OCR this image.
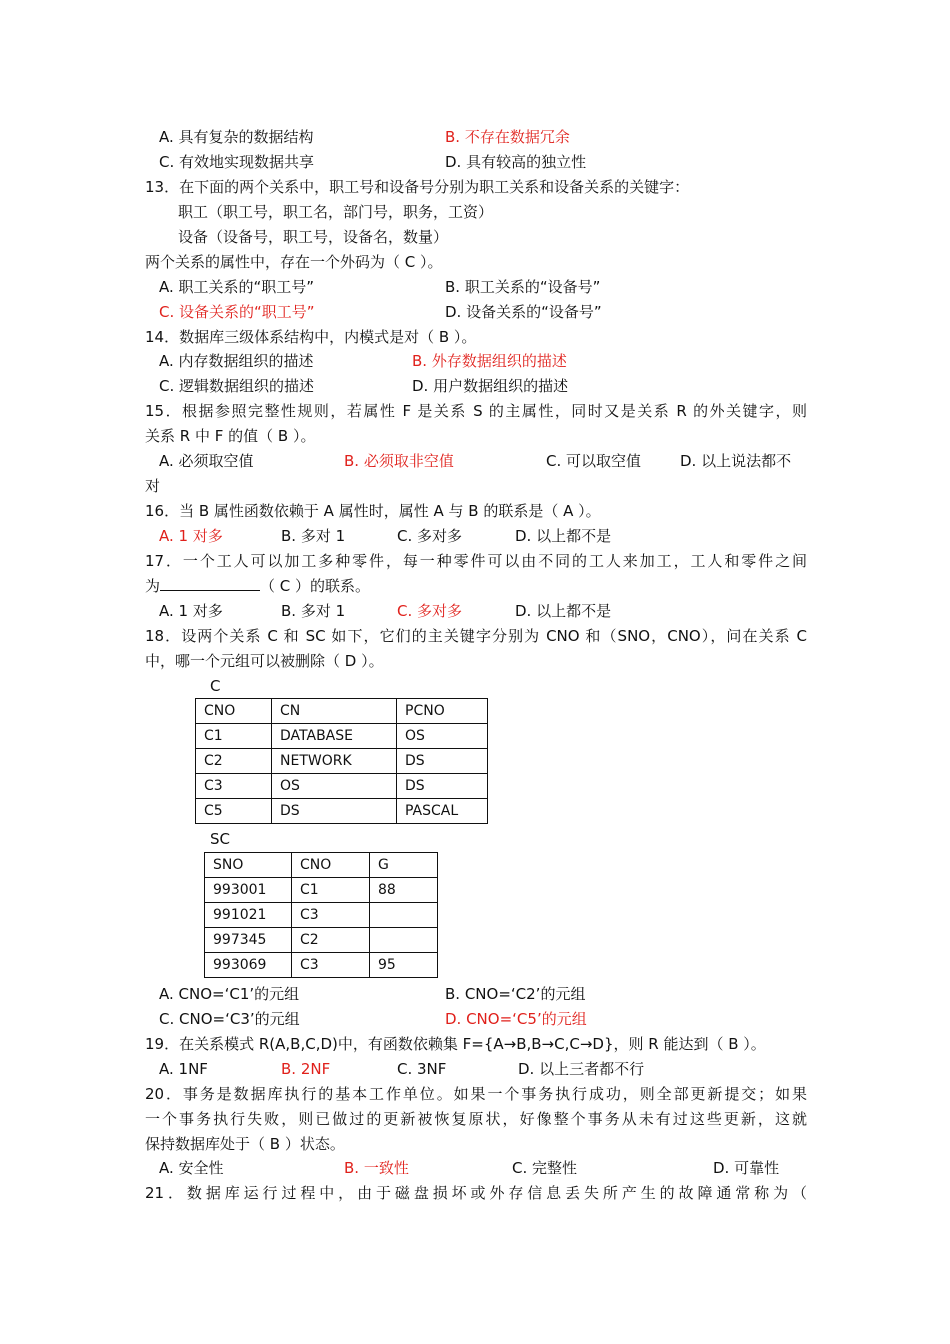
A. 具有复杂的数据结构	B. 不存在数据冗余
C. 有效地实现数据共享	D. 具有较高的独立性
13．在下面的两个关系中，职工号和设备号分别为职工关系和设备关系的关键字：
职工（职工号，职工名，部门号，职务，工资）
设备（设备号，职工号，设备名，数量）
两个关系的属性中，存在一个外码为（ C ）。
A. 职工关系的“职工号”	B. 职工关系的“设备号”
C. 设备关系的“职工号”	D. 设备关系的“设备号”
14．数据库三级体系结构中，内模式是对（ B ）。
A. 内存数据组织的描述	B. 外存数据组织的描述
C. 逻辑数据组织的描述	D. 用户数据组织的描述
15．根据参照完整性规则，若属性 F 是关系 S 的主属性，同时又是关系 R 的外关键字，则
关系 R 中 F 的值（ B ）。
A. 必须取空值	B. 必须取非空值	C. 可以取空值	D. 以上说法都不
对
16．当 B 属性函数依赖于 A 属性时，属性 A 与 B 的联系是（ A ）。
A. 1 对多	B. 多对 1	C. 多对多	D. 以上都不是
17．一个工人可以加工多种零件，每一种零件可以由不同的工人来加工，工人和零件之间
为	（ C ）的联系。
A. 1 对多	B. 多对 1	C. 多对多	D. 以上都不是
18．设两个关系 C 和 SC 如下，它们的主关键字分别为 CNO 和（SNO，CNO），问在关系 C
中，哪一个元组可以被删除（ D ）。
C
CNO	CN	PCNO
C1	DATABASE	OS
C2	NETWORK	DS
C3	OS	DS
C5	DS	PASCAL
SC
SNO	CNO	G
993001	C1	88
991021	C3	
997345	C2	
993069	C3	95
A. CNO=‘C1’的元组	B. CNO=‘C2’的元组
C. CNO=‘C3’的元组	D. CNO=‘C5’的元组
19．在关系模式 R(A,B,C,D)中，有函数依赖集 F={A→B,B→C,C→D}，则 R 能达到（ B ）。
A. 1NF	B. 2NF	C. 3NF	D. 以上三者都不行
20．事务是数据库执行的基本工作单位。如果一个事务执行成功，则全部更新提交；如果
一个事务执行失败，则已做过的更新被恢复原状，好像整个事务从未有过这些更新，这就
保持数据库处于（ B ）状态。
A. 安全性	B. 一致性	C. 完整性	D. 可靠性
21．数据库运行过程中，由于磁盘损坏或外存信息丢失所产生的故障通常称为（
